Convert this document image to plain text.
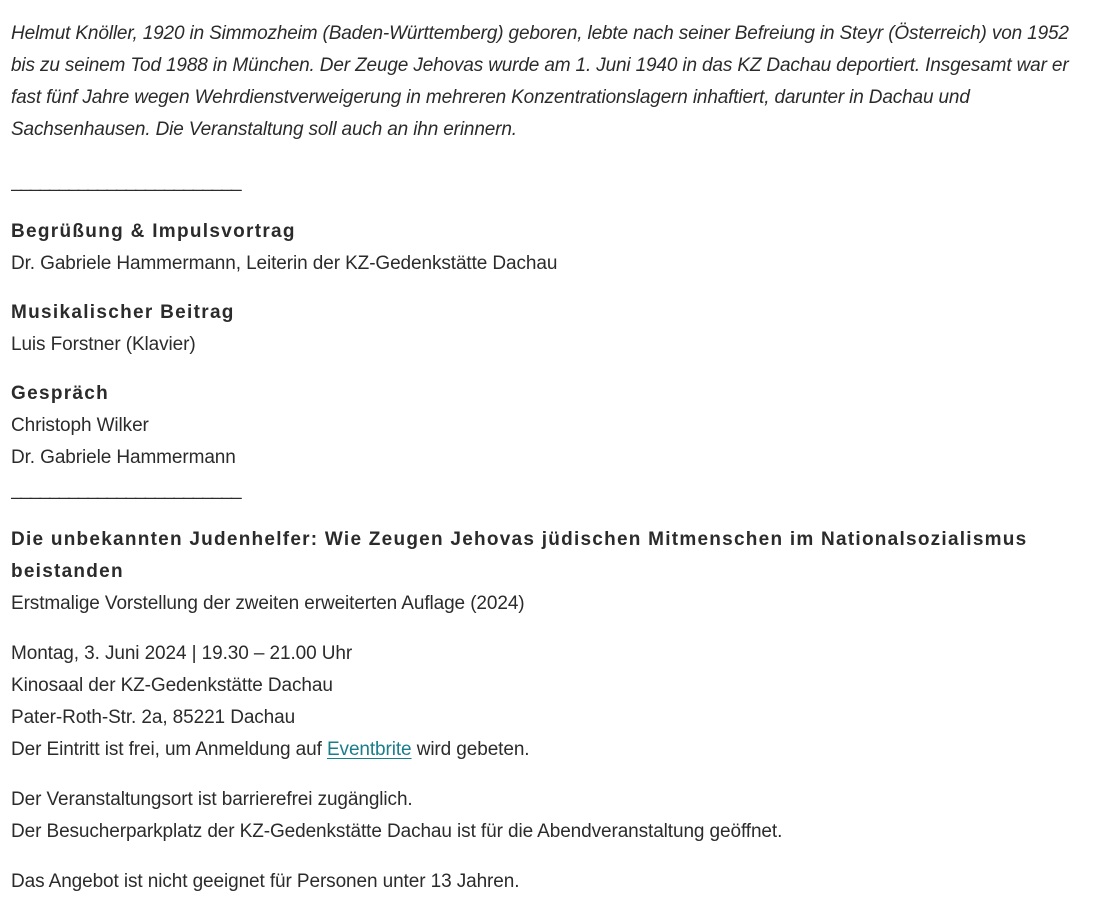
Helmut Knöller, 1920 in Simmozheim (Baden-Württemberg) geboren, lebte nach seiner Befreiung in Steyr (Österreich) von 1952 bis zu seinem Tod 1988 in München. Der Zeuge Jehovas wurde am 1. Juni 1940 in das KZ Dachau deportiert. Insgesamt war er fast fünf Jahre wegen Wehrdienstverweigerung in mehreren Konzentrationslagern inhaftiert, darunter in Dachau und Sachsenhausen. Die Veranstaltung soll auch an ihn erinnern.

________________________

Begrüßung & Impulsvortrag

Dr. Gabriele Hammermann, Leiterin der KZ-Gedenkstätte Dachau

Musikalischer Beitrag

Luis Forstner (Klavier)

Gespräch

Christoph Wilker

Dr. Gabriele Hammermann

________________________

Die unbekannten Judenhelfer: Wie Zeugen Jehovas jüdischen Mitmenschen im Nationalsozialismus beistanden

Erstmalige Vorstellung der zweiten erweiterten Auflage (2024)

Montag, 3. Juni 2024 | 19.30 – 21.00 Uhr

Kinosaal der KZ-Gedenkstätte Dachau

Pater-Roth-Str. 2a, 85221 Dachau

Der Eintritt ist frei, um Anmeldung auf Eventbrite wird gebeten.

Der Veranstaltungsort ist barrierefrei zugänglich.

Der Besucherparkplatz der KZ-Gedenkstätte Dachau ist für die Abendveranstaltung geöffnet.

Das Angebot ist nicht geeignet für Personen unter 13 Jahren.
